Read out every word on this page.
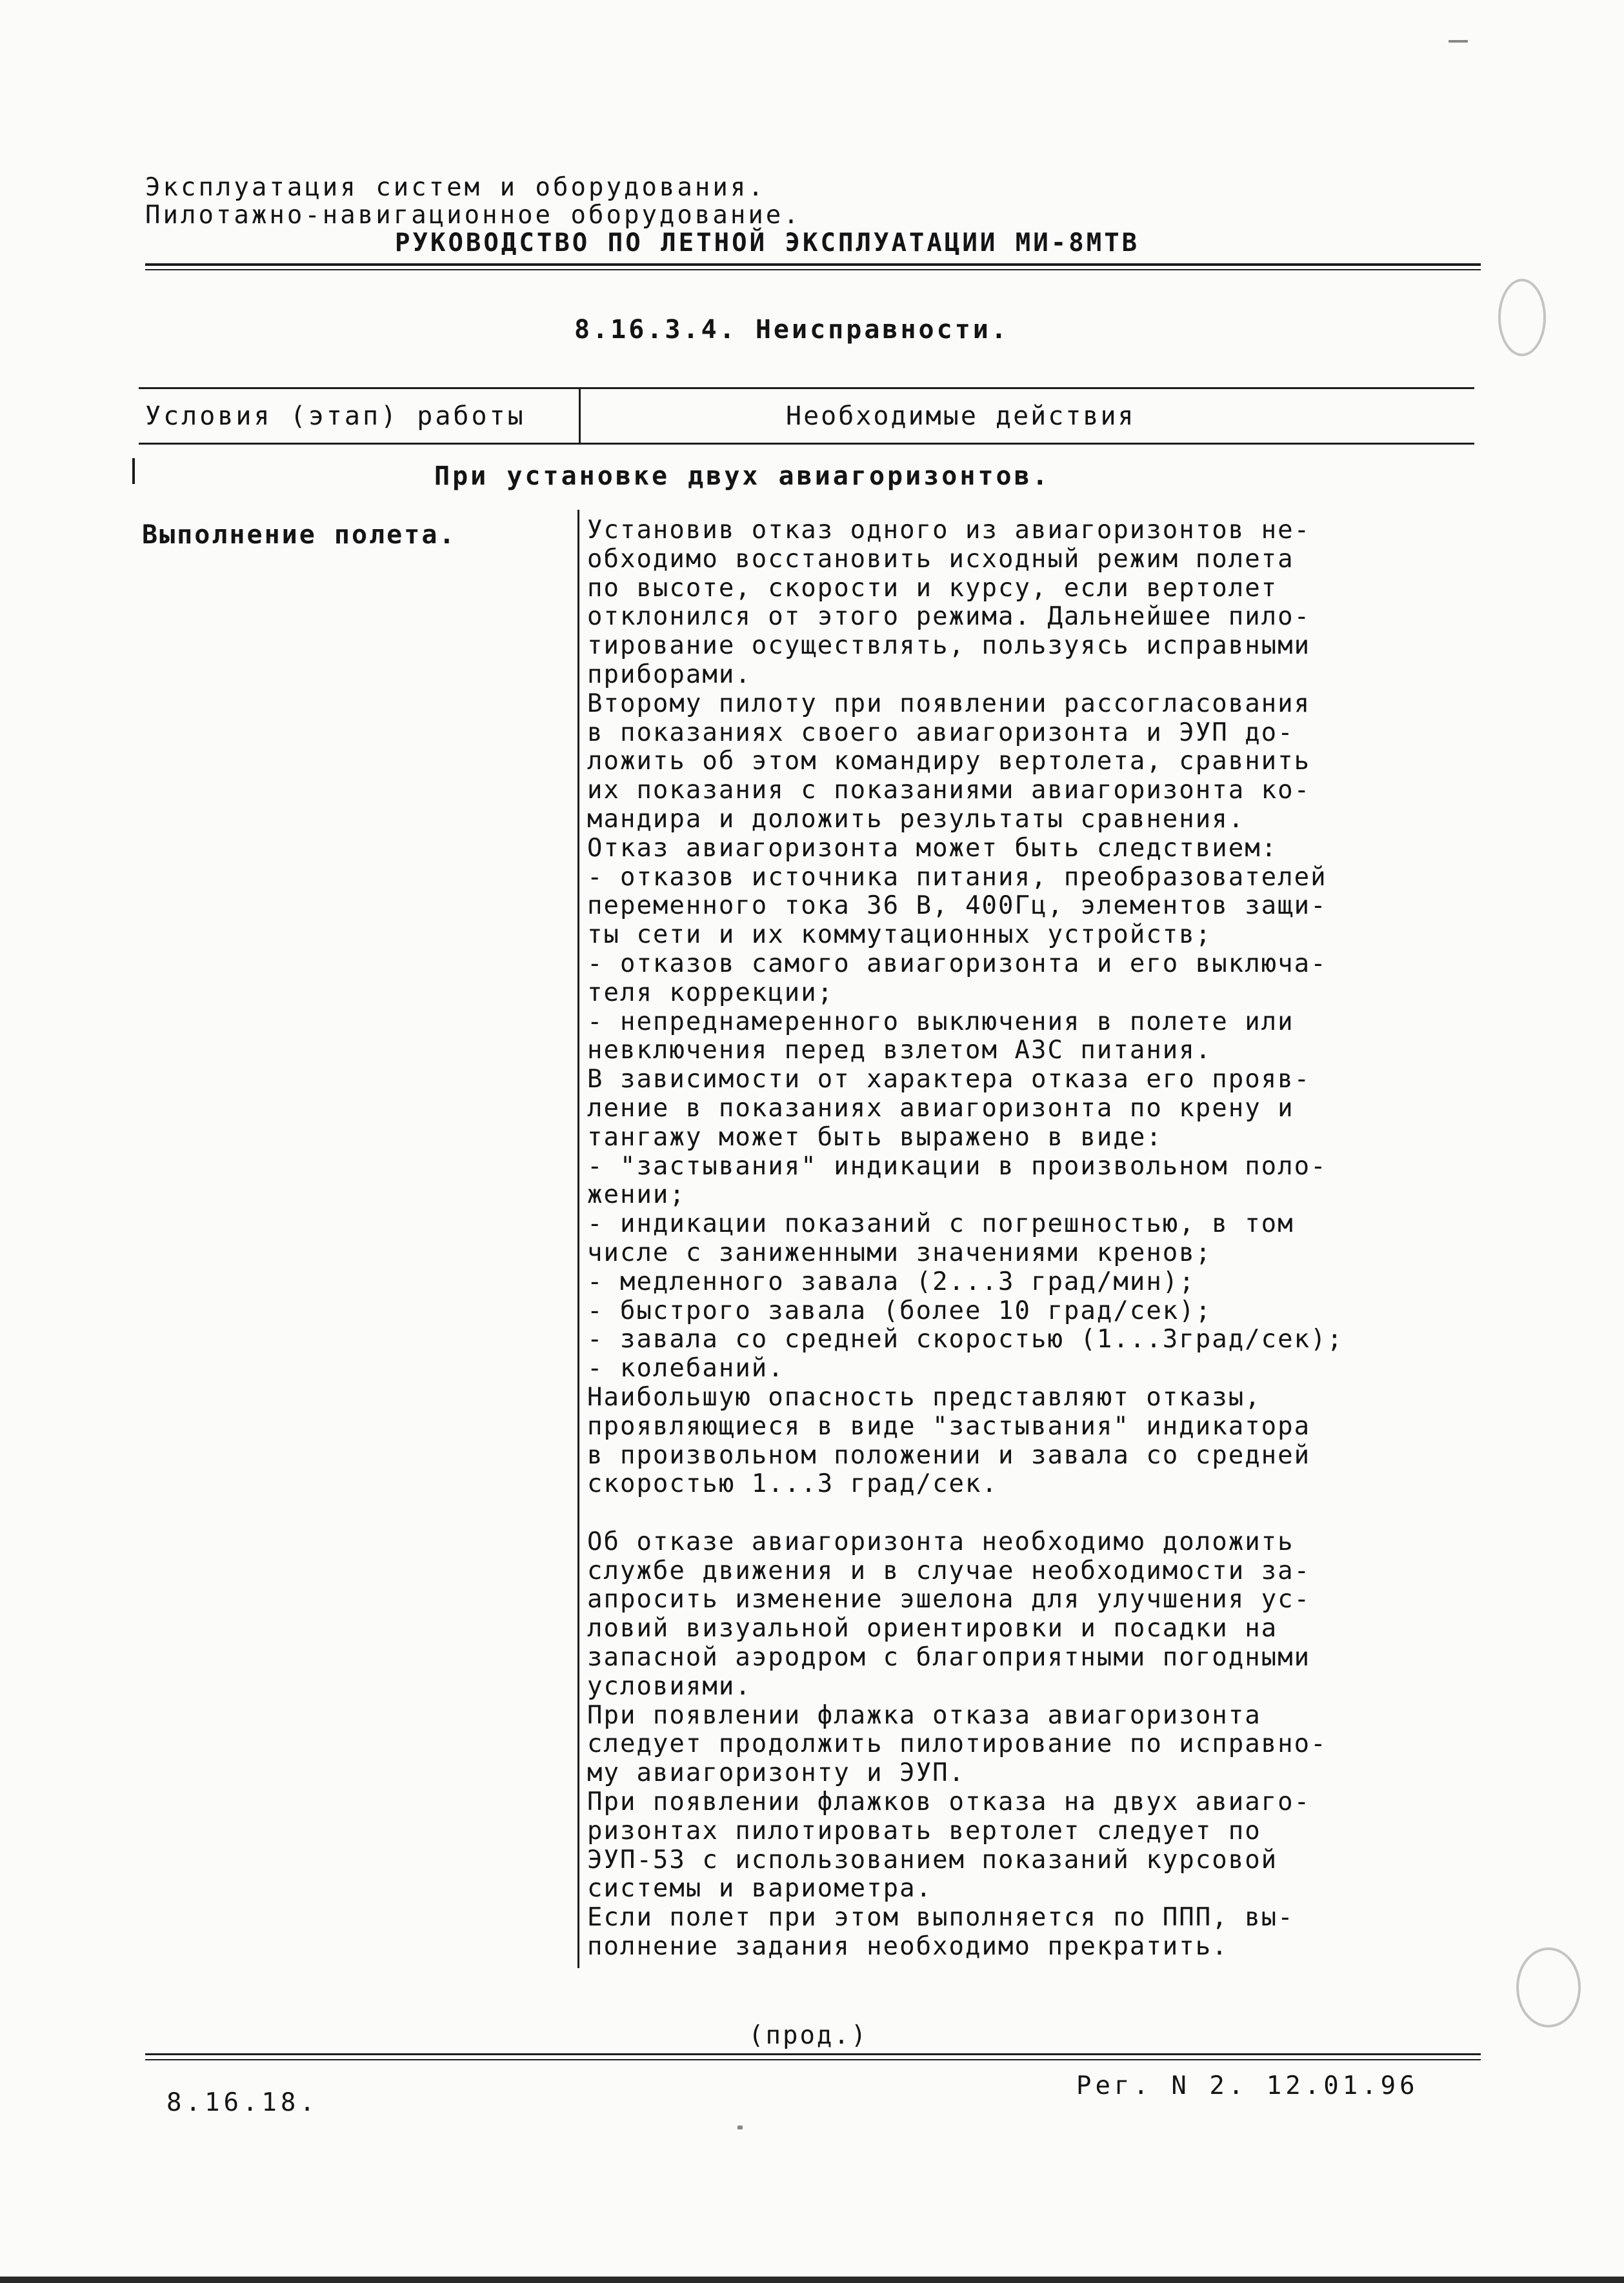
Эксплуатация систем и оборудования.
Пилотажно-навигационное оборудование.
РУКОВОДСТВО ПО ЛЕТНОЙ ЭКСПЛУАТАЦИИ МИ-8МТВ
8.16.3.4. Неисправности.
Условия (этап) работы	Необходимые действия
При установке двух авиагоризонтов.
Выполнение полета.	Установив отказ одного из авиагоризонтов не-
обходимо восстановить исходный режим полета
по высоте, скорости и курсу, если вертолет
отклонился от этого режима. Дальнейшее пило-
тирование осуществлять, пользуясь исправными
приборами.
Второму пилоту при появлении рассогласования
в показаниях своего авиагоризонта и ЭУП до-
ложить об этом командиру вертолета, сравнить
их показания с показаниями авиагоризонта ко-
мандира и доложить результаты сравнения.
Отказ авиагоризонта может быть следствием:
- отказов источника питания, преобразователей
переменного тока 36 В, 400Гц, элементов защи-
ты сети и их коммутационных устройств;
- отказов самого авиагоризонта и его выключа-
теля коррекции;
- непреднамеренного выключения в полете или
невключения перед взлетом АЗС питания.
В зависимости от характера отказа его прояв-
ление в показаниях авиагоризонта по крену и
тангажу может быть выражено в виде:
- "застывания" индикации в произвольном поло-
жении;
- индикации показаний с погрешностью, в том
числе с заниженными значениями кренов;
- медленного завала (2...3 град/мин);
- быстрого завала (более 10 град/сек);
- завала со средней скоростью (1...3град/сек);
- колебаний.
Наибольшую опасность представляют отказы,
проявляющиеся в виде "застывания" индикатора
в произвольном положении и завала со средней
скоростью 1...3 град/сек.
Об отказе авиагоризонта необходимо доложить
службе движения и в случае необходимости за-
апросить изменение эшелона для улучшения ус-
ловий визуальной ориентировки и посадки на
запасной аэродром с благоприятными погодными
условиями.
При появлении флажка отказа авиагоризонта
следует продолжить пилотирование по исправно-
му авиагоризонту и ЭУП.
При появлении флажков отказа на двух авиаго-
ризонтах пилотировать вертолет следует по
ЭУП-53 с использованием показаний курсовой
системы и вариометра.
Если полет при этом выполняется по ППП, вы-
полнение задания необходимо прекратить.
(прод.)
8.16.18.
Рег. N 2. 12.01.96
